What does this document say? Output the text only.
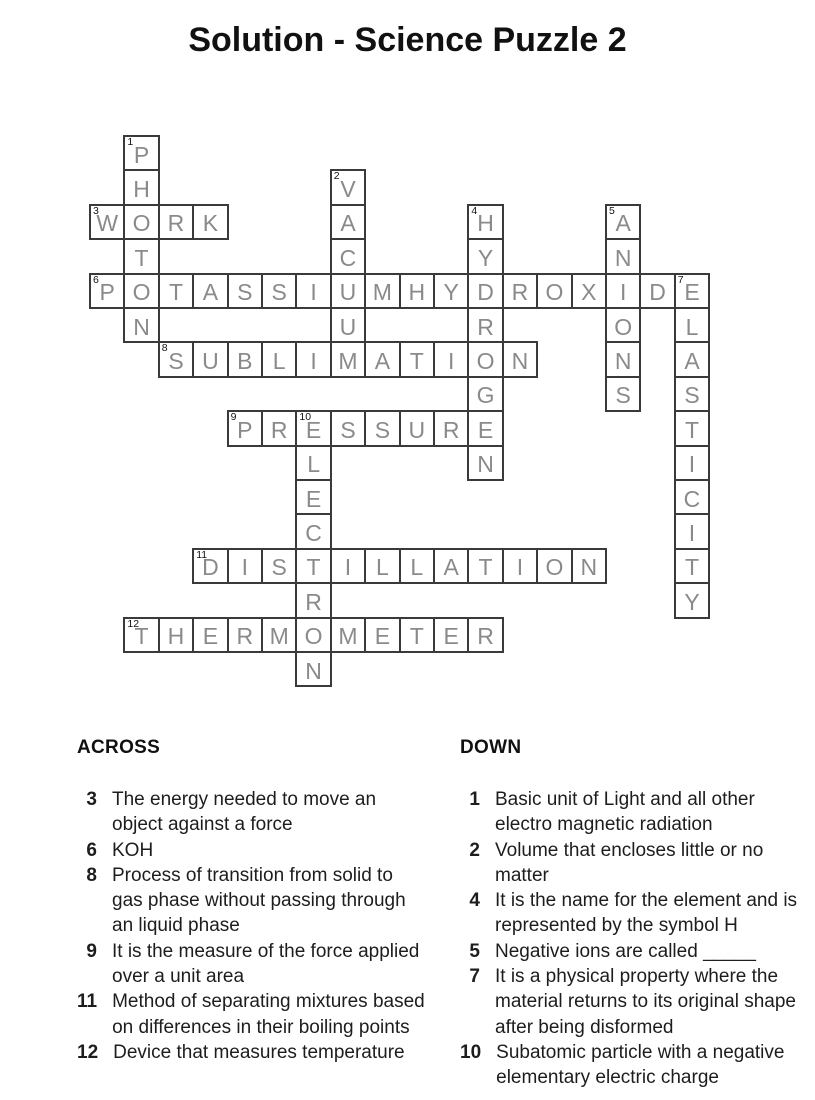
Solution - Science Puzzle 2
1 P
H
O
T
O
N
2 V
A
C
U
U
M
3
W R K	4 H
Y
D
R
O
G
E
N
5 A
N
I
O
N
S
6 P T A S S I M H Y R O X D 7 E
L
A
S
T
I
C
I
T
Y
8 S U B L I	A T I N
9 P R 10
E S S U R
L
E
C
T
R
O
N
11
D I S	I L L A T I O N
12
T H E R M M E T E R
ACROSS
3 The energy needed to move an object against a force
6 KOH
8 Process of transition from solid to gas phase without passing through an liquid phase
9 It is the measure of the force applied over a unit area
11 Method of separating mixtures based on differences in their boiling points
12 Device that measures temperature
DOWN
1 Basic unit of Light and all other electro magnetic radiation
2 Volume that encloses little or no matter
4 It is the name for the element and is represented by the symbol H
5 Negative ions are called _____
7 It is a physical property where the material returns to its original shape after being disformed
10 Subatomic particle with a negative elementary electric charge
